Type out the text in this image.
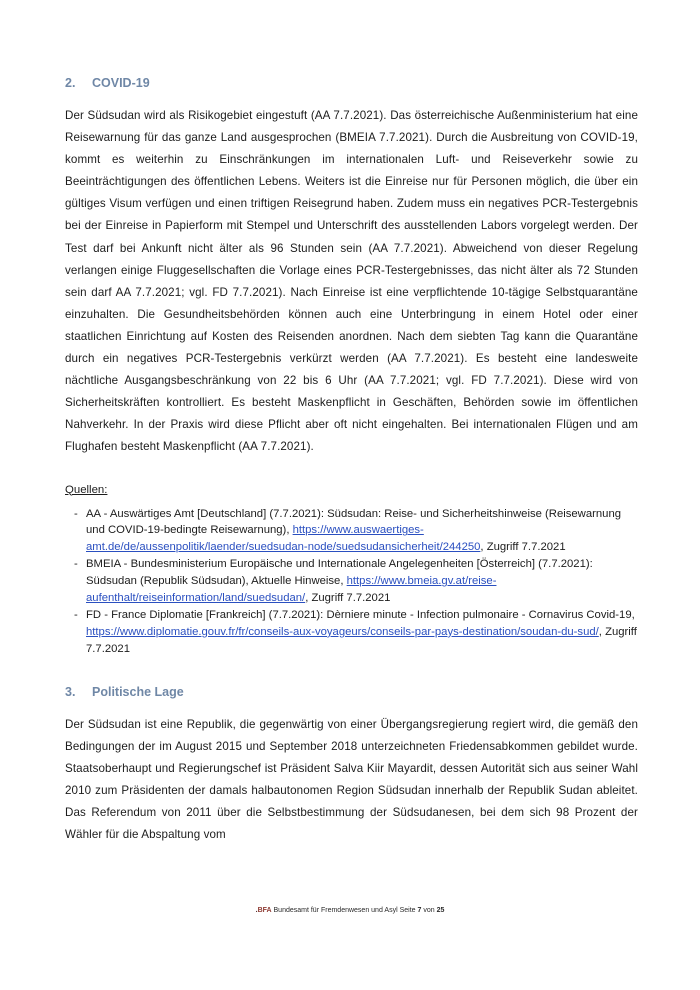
2.	COVID-19

Der Südsudan wird als Risikogebiet eingestuft (AA 7.7.2021). Das österreichische Außenministerium hat eine Reisewarnung für das ganze Land ausgesprochen (BMEIA 7.7.2021). Durch die Ausbreitung von COVID-19, kommt es weiterhin zu Einschränkungen im internationalen Luft- und Reiseverkehr sowie zu Beeinträchtigungen des öffentlichen Lebens. Weiters ist die Einreise nur für Personen möglich, die über ein gültiges Visum verfügen und einen triftigen Reisegrund haben. Zudem muss ein negatives PCR-Testergebnis bei der Einreise in Papierform mit Stempel und Unterschrift des ausstellenden Labors vorgelegt werden. Der Test darf bei Ankunft nicht älter als 96 Stunden sein (AA 7.7.2021). Abweichend von dieser Regelung verlangen einige Fluggesellschaften die Vorlage eines PCR-Testergebnisses, das nicht älter als 72 Stunden sein darf AA 7.7.2021; vgl. FD 7.7.2021). Nach Einreise ist eine verpflichtende 10-tägige Selbstquarantäne einzuhalten. Die Gesundheitsbehörden können auch eine Unterbringung in einem Hotel oder einer staatlichen Einrichtung auf Kosten des Reisenden anordnen. Nach dem siebten Tag kann die Quarantäne durch ein negatives PCR-Testergebnis verkürzt werden (AA 7.7.2021). Es besteht eine landesweite nächtliche Ausgangsbeschränkung von 22 bis 6 Uhr (AA 7.7.2021; vgl. FD 7.7.2021). Diese wird von Sicherheitskräften kontrolliert. Es besteht Maskenpflicht in Geschäften, Behörden sowie im öffentlichen Nahverkehr. In der Praxis wird diese Pflicht aber oft nicht eingehalten. Bei internationalen Flügen und am Flughafen besteht Maskenpflicht (AA 7.7.2021).

Quellen:
- AA - Auswärtiges Amt [Deutschland] (7.7.2021): Südsudan: Reise- und Sicherheitshinweise (Reisewarnung und COVID-19-bedingte Reisewarnung), https://www.auswaertiges-amt.de/de/aussenpolitik/laender/suedsudan-node/suedsudansicherheit/244250, Zugriff 7.7.2021
- BMEIA - Bundesministerium Europäische und Internationale Angelegenheiten [Österreich] (7.7.2021): Südsudan (Republik Südsudan), Aktuelle Hinweise, https://www.bmeia.gv.at/reise-aufenthalt/reiseinformation/land/suedsudan/, Zugriff 7.7.2021
- FD - France Diplomatie [Frankreich] (7.7.2021): Dèrniere minute - Infection pulmonaire - Cornavirus Covid-19, https://www.diplomatie.gouv.fr/fr/conseils-aux-voyageurs/conseils-par-pays-destination/soudan-du-sud/, Zugriff 7.7.2021
3.	Politische Lage

Der Südsudan ist eine Republik, die gegenwärtig von einer Übergangsregierung regiert wird, die gemäß den Bedingungen der im August 2015 und September 2018 unterzeichneten Friedensabkommen gebildet wurde. Staatsoberhaupt und Regierungschef ist Präsident Salva Kiir Mayardit, dessen Autorität sich aus seiner Wahl 2010 zum Präsidenten der damals halbautonomen Region Südsudan innerhalb der Republik Sudan ableitet. Das Referendum von 2011 über die Selbstbestimmung der Südsudanesen, bei dem sich 98 Prozent der Wähler für die Abspaltung vom

.BFA Bundesamt für Fremdenwesen und Asyl Seite 7 von 25
